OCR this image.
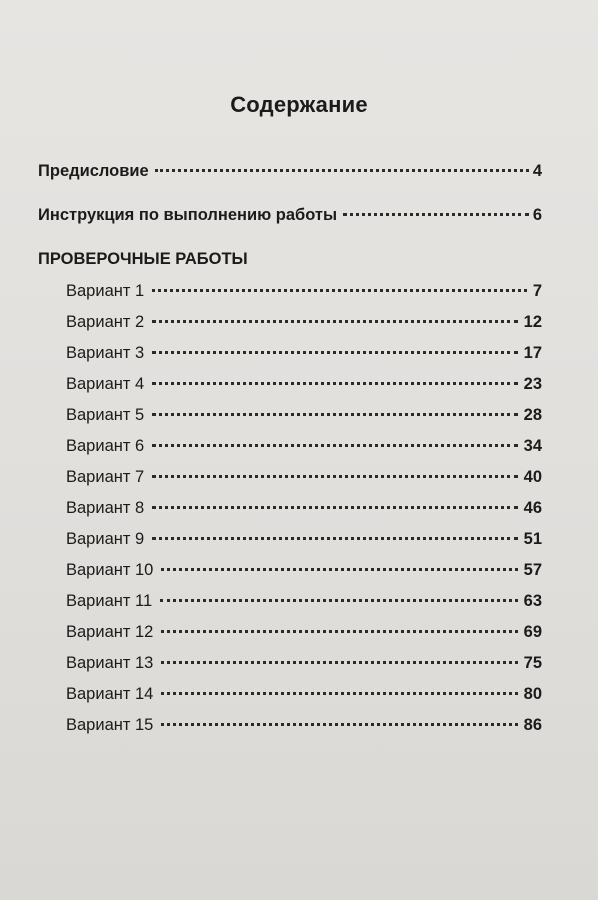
Содержание
Предисловие	4
Инструкция по выполнению работы	6
ПРОВЕРОЧНЫЕ РАБОТЫ
Вариант 1	7
Вариант 2	12
Вариант 3	17
Вариант 4	23
Вариант 5	28
Вариант 6	34
Вариант 7	40
Вариант 8	46
Вариант 9	51
Вариант 10	57
Вариант 11	63
Вариант 12	69
Вариант 13	75
Вариант 14	80
Вариант 15	86
